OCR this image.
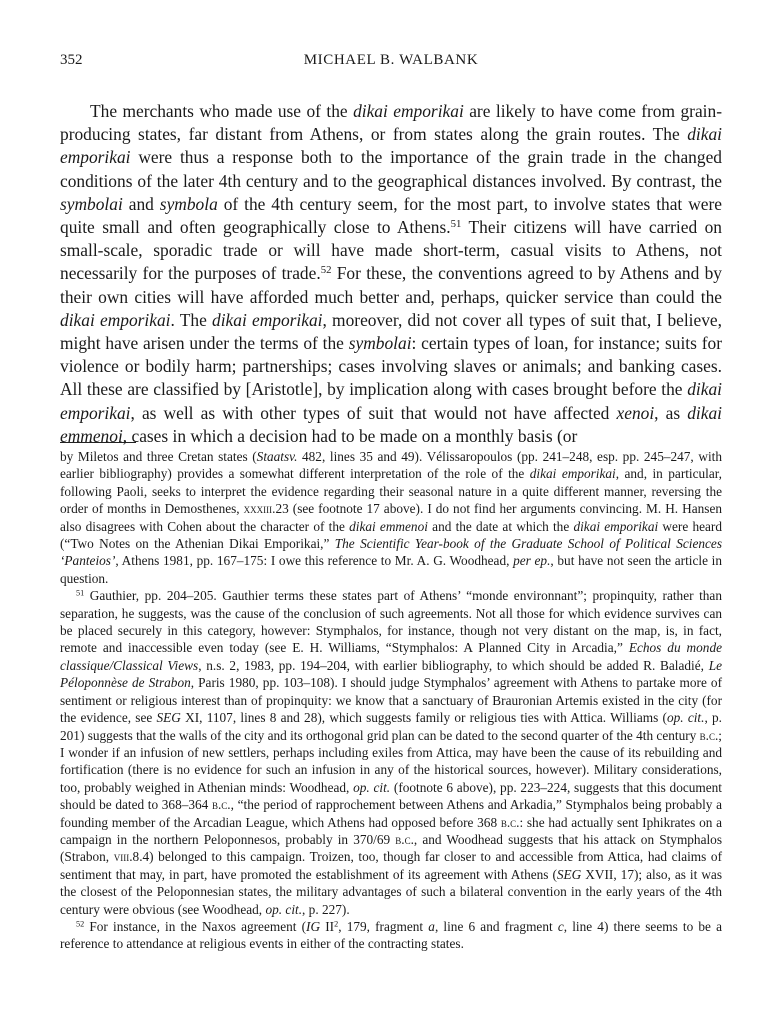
352	MICHAEL B. WALBANK

The merchants who made use of the dikai emporikai are likely to have come from grain-producing states, far distant from Athens, or from states along the grain routes. The dikai emporikai were thus a response both to the importance of the grain trade in the changed conditions of the later 4th century and to the geographical distances involved. By contrast, the symbolai and symbola of the 4th century seem, for the most part, to involve states that were quite small and often geographically close to Athens.$^{51}$ Their citizens will have carried on small-scale, sporadic trade or will have made short-term, casual visits to Athens, not necessarily for the purposes of trade.$^{52}$ For these, the conventions agreed to by Athens and by their own cities will have afforded much better and, perhaps, quicker service than could the dikai emporikai. The dikai emporikai, moreover, did not cover all types of suit that, I believe, might have arisen under the terms of the symbolai: certain types of loan, for instance; suits for violence or bodily harm; partnerships; cases involving slaves or animals; and banking cases. All these are classified by [Aristotle], by implication along with cases brought before the dikai emporikai, as well as with other types of suit that would not have affected xenoi, as dikai emmenoi, cases in which a decision had to be made on a monthly basis (or

by Miletos and three Cretan states (Staatsv. 482, lines 35 and 49). Vélissaropoulos (pp. 241–248, esp. pp. 245–247, with earlier bibliography) provides a somewhat different interpretation of the role of the dikai emporikai, and, in particular, following Paoli, seeks to interpret the evidence regarding their seasonal nature in a quite different manner, reversing the order of months in Demosthenes, xxxiii.23 (see footnote 17 above). I do not find her arguments convincing. M. H. Hansen also disagrees with Cohen about the character of the dikai emmenoi and the date at which the dikai emporikai were heard (“Two Notes on the Athenian Dikai Emporikai,” The Scientific Year-book of the Graduate School of Political Sciences ‘Panteios’, Athens 1981, pp. 167–175: I owe this reference to Mr. A. G. Woodhead, per ep., but have not seen the article in question.

$^{51}$ Gauthier, pp. 204–205. Gauthier terms these states part of Athens’ “monde environnant”; propinquity, rather than separation, he suggests, was the cause of the conclusion of such agreements. Not all those for which evidence survives can be placed securely in this category, however: Stymphalos, for instance, though not very distant on the map, is, in fact, remote and inaccessible even today (see E. H. Williams, “Stymphalos: A Planned City in Arcadia,” Echos du monde classique/Classical Views, n.s. 2, 1983, pp. 194–204, with earlier bibliography, to which should be added R. Baladié, Le Péloponnèse de Strabon, Paris 1980, pp. 103–108). I should judge Stymphalos’ agreement with Athens to partake more of sentiment or religious interest than of propinquity: we know that a sanctuary of Brauronian Artemis existed in the city (for the evidence, see SEG XI, 1107, lines 8 and 28), which suggests family or religious ties with Attica. Williams (op. cit., p. 201) suggests that the walls of the city and its orthogonal grid plan can be dated to the second quarter of the 4th century b.c.; I wonder if an infusion of new settlers, perhaps including exiles from Attica, may have been the cause of its rebuilding and fortification (there is no evidence for such an infusion in any of the historical sources, however). Military considerations, too, probably weighed in Athenian minds: Woodhead, op. cit. (footnote 6 above), pp. 223–224, suggests that this document should be dated to 368–364 b.c., “the period of rapprochement between Athens and Arkadia,” Stymphalos being probably a founding member of the Arcadian League, which Athens had opposed before 368 b.c.: she had actually sent Iphikrates on a campaign in the northern Peloponnesos, probably in 370/69 b.c., and Woodhead suggests that his attack on Stymphalos (Strabon, viii.8.4) belonged to this campaign. Troizen, too, though far closer to and accessible from Attica, had claims of sentiment that may, in part, have promoted the establishment of its agreement with Athens (SEG XVII, 17); also, as it was the closest of the Peloponnesian states, the military advantages of such a bilateral convention in the early years of the 4th century were obvious (see Woodhead, op. cit., p. 227).

$^{52}$ For instance, in the Naxos agreement (IG $II^2$, 179, fragment a, line 6 and fragment c, line 4) there seems to be a reference to attendance at religious events in either of the contracting states.
